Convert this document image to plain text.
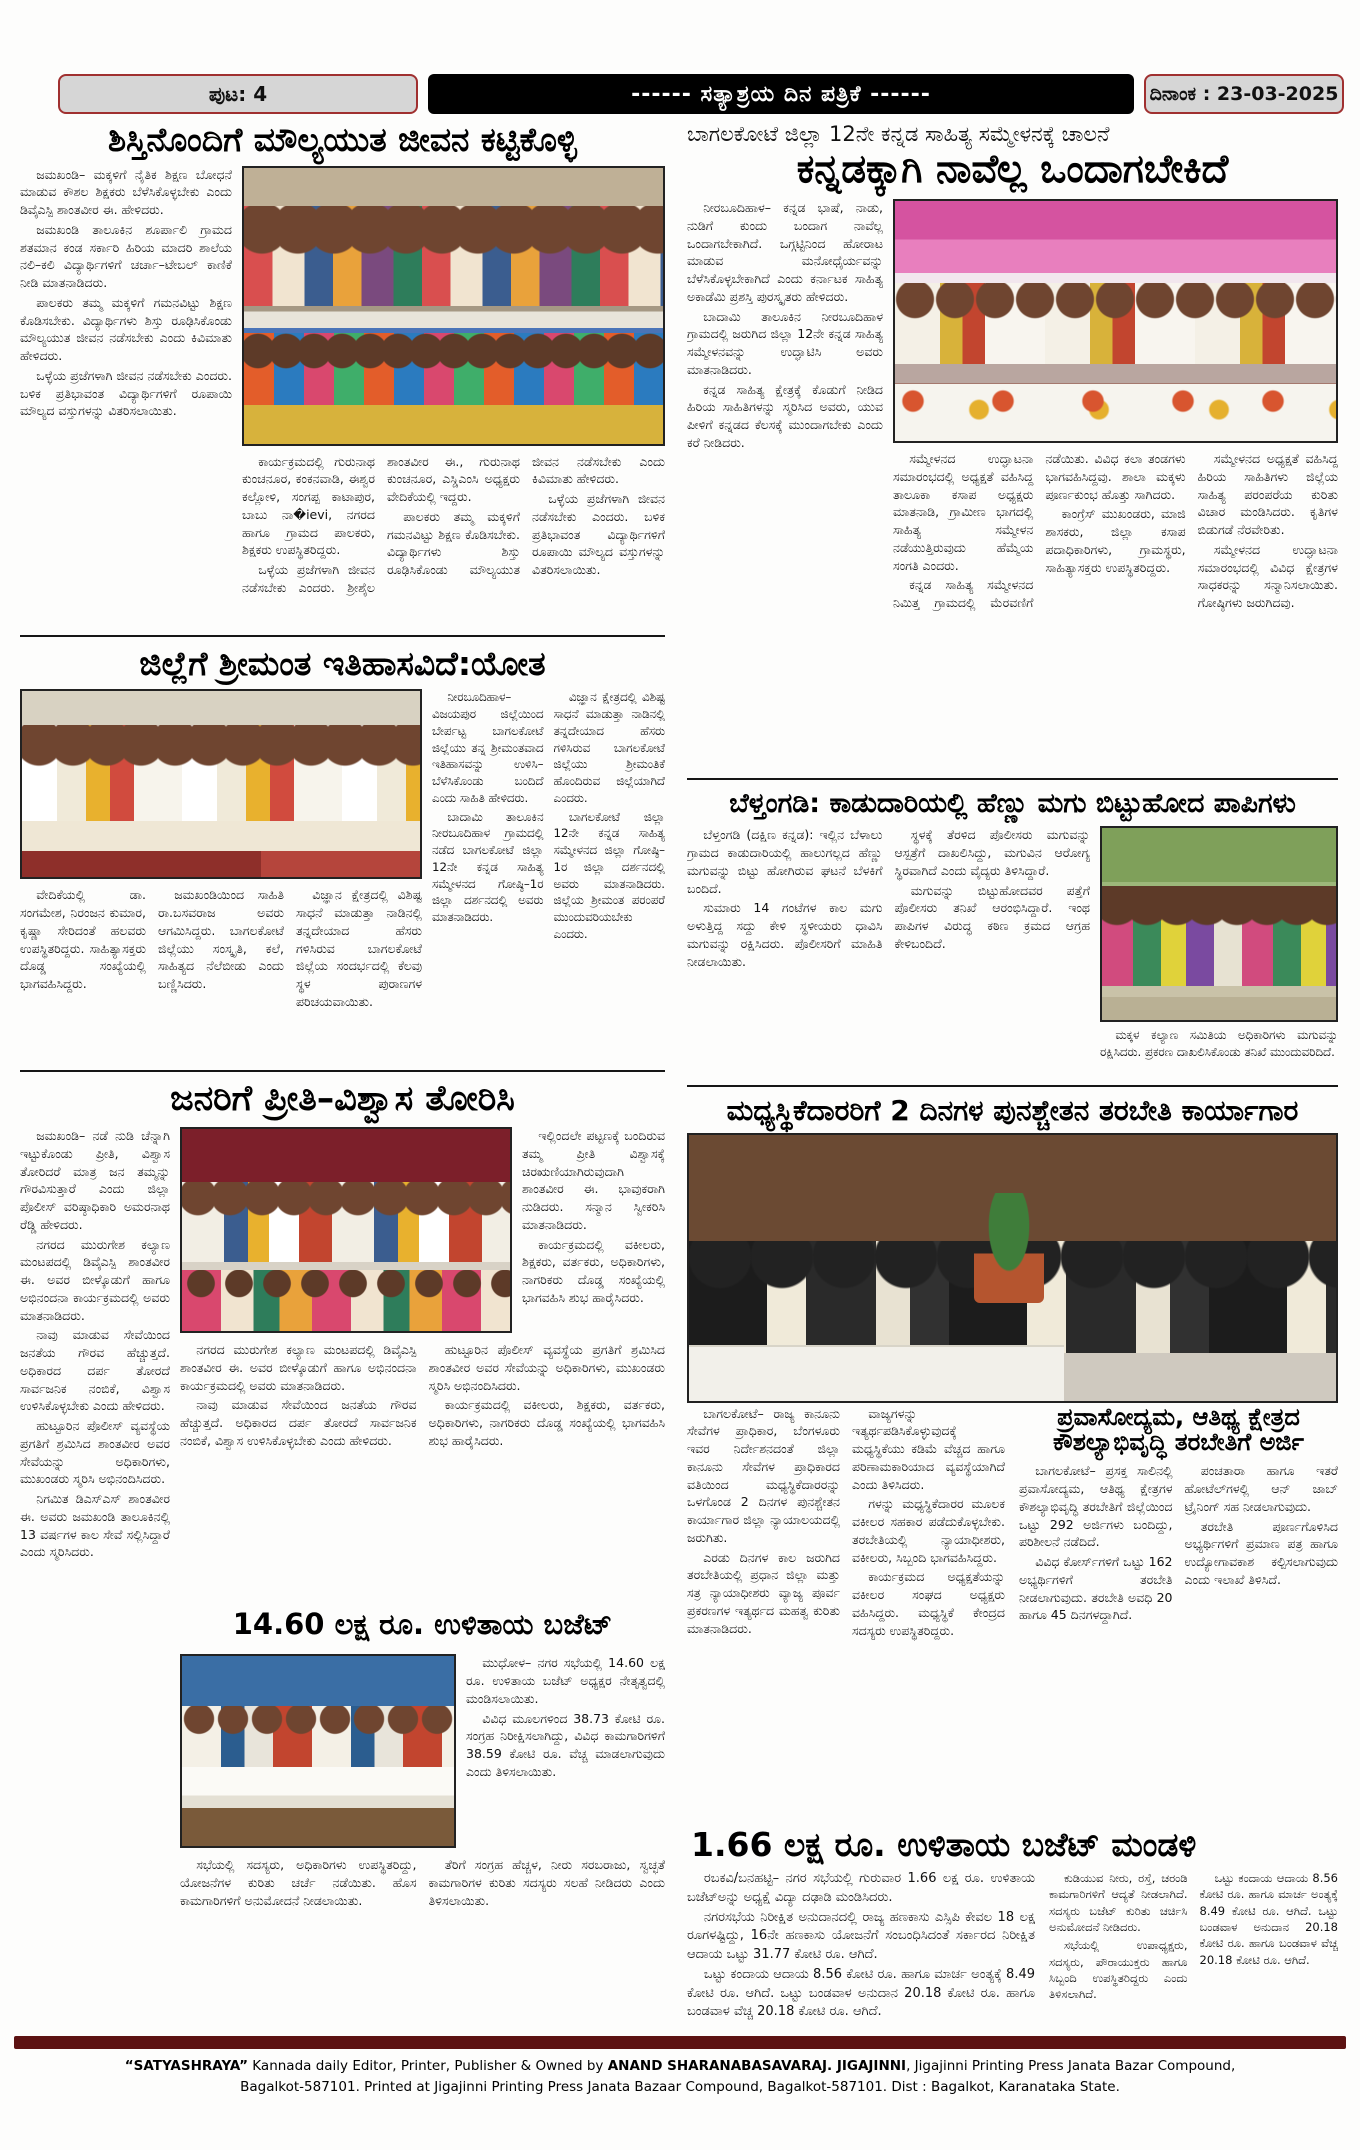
ಪುಟ: 4	------ ಸತ್ಯಾಶ್ರಯ ದಿನ ಪತ್ರಿಕೆ ------	ದಿನಾಂಕ : 23-03-2025
ಶಿಸ್ತಿನೊಂದಿಗೆ ಮೌಲ್ಯಯುತ ಜೀವನ ಕಟ್ಟಿಕೊಳ್ಳಿ

ಜಮಖಂಡಿ– ಮಕ್ಕಳಿಗೆ ನೈತಿಕ ಶಿಕ್ಷಣ ಬೋಧನೆ ಮಾಡುವ ಕೌಶಲ ಶಿಕ್ಷಕರು ಬೆಳೆಸಿಕೊಳ್ಳಬೇಕು ಎಂದು ಡಿವೈಎಸ್ಪಿ ಶಾಂತವೀರ ಈ. ಹೇಳಿದರು.

ಜಮಖಂಡಿ ತಾಲೂಕಿನ ಶೂರ್ಪಾಲಿ ಗ್ರಾಮದ ಶತಮಾನ ಕಂಡ ಸರ್ಕಾರಿ ಹಿರಿಯ ಮಾದರಿ ಶಾಲೆಯ ನಲಿ–ಕಲಿ ವಿದ್ಯಾರ್ಥಿಗಳಿಗೆ ಚರ್ಚಾ–ಟೇಬಲ್ ಕಾಣಿಕೆ ನೀಡಿ ಮಾತನಾಡಿದರು.

ಪಾಲಕರು ತಮ್ಮ ಮಕ್ಕಳಿಗೆ ಗಮನವಿಟ್ಟು ಶಿಕ್ಷಣ ಕೊಡಿಸಬೇಕು. ವಿದ್ಯಾರ್ಥಿಗಳು ಶಿಸ್ತು ರೂಢಿಸಿಕೊಂಡು ಮೌಲ್ಯಯುತ ಜೀವನ ನಡೆಸಬೇಕು ಎಂದು ಕಿವಿಮಾತು ಹೇಳಿದರು.

ಒಳ್ಳೆಯ ಪ್ರಜೆಗಳಾಗಿ ಜೀವನ ನಡೆಸಬೇಕು ಎಂದರು. ಬಳಿಕ ಪ್ರತಿಭಾವಂತ ವಿದ್ಯಾರ್ಥಿಗಳಿಗೆ ರೂಪಾಯಿ ಮೌಲ್ಯದ ವಸ್ತುಗಳನ್ನು ವಿತರಿಸಲಾಯಿತು.

ಕಾರ್ಯಕ್ರಮದಲ್ಲಿ ಗುರುನಾಥ ಕುಂಚನೂರ, ಕಂಕನವಾಡಿ, ಈಶ್ವರ ಕಲ್ಲೋಳಿ, ಸಂಗಪ್ಪ ಕಾಟಾಪುರ, ಬಾಬು ನಾ�ievi, ನಗರದ ಹಾಗೂ ಗ್ರಾಮದ ಪಾಲಕರು, ಶಿಕ್ಷಕರು ಉಪಸ್ಥಿತರಿದ್ದರು.

ಒಳ್ಳೆಯ ಪ್ರಜೆಗಳಾಗಿ ಜೀವನ ನಡೆಸಬೇಕು ಎಂದರು. ಶ್ರೀಶೈಲ ಶಾಂತವೀರ ಈ., ಗುರುನಾಥ ಕುಂಚನೂರ, ಎಸ್ಡಿಎಂಸಿ ಅಧ್ಯಕ್ಷರು ವೇದಿಕೆಯಲ್ಲಿ ಇದ್ದರು.

ಪಾಲಕರು ತಮ್ಮ ಮಕ್ಕಳಿಗೆ ಗಮನವಿಟ್ಟು ಶಿಕ್ಷಣ ಕೊಡಿಸಬೇಕು. ವಿದ್ಯಾರ್ಥಿಗಳು ಶಿಸ್ತು ರೂಢಿಸಿಕೊಂಡು ಮೌಲ್ಯಯುತ ಜೀವನ ನಡೆಸಬೇಕು ಎಂದು ಕಿವಿಮಾತು ಹೇಳಿದರು.

ಒಳ್ಳೆಯ ಪ್ರಜೆಗಳಾಗಿ ಜೀವನ ನಡೆಸಬೇಕು ಎಂದರು. ಬಳಿಕ ಪ್ರತಿಭಾವಂತ ವಿದ್ಯಾರ್ಥಿಗಳಿಗೆ ರೂಪಾಯಿ ಮೌಲ್ಯದ ವಸ್ತುಗಳನ್ನು ವಿತರಿಸಲಾಯಿತು.

ಜಿಲ್ಲೆಗೆ ಶ್ರೀಮಂತ ಇತಿಹಾಸವಿದೆ:ಯೋತ

ವೇದಿಕೆಯಲ್ಲಿ ಡಾ. ಸಂಗಮೇಶ, ನಿರಂಜನ ಕುಮಾರ, ಕೃಷ್ಣಾ ಸೇರಿದಂತೆ ಹಲವರು ಉಪಸ್ಥಿತರಿದ್ದರು. ಸಾಹಿತ್ಯಾಸಕ್ತರು ದೊಡ್ಡ ಸಂಖ್ಯೆಯಲ್ಲಿ ಭಾಗವಹಿಸಿದ್ದರು.

ಜಮಖಂಡಿಯಿಂದ ಸಾಹಿತಿ ರಾ.ಬಸವರಾಜ ಅವರು ಆಗಮಿಸಿದ್ದರು. ಬಾಗಲಕೋಟೆ ಜಿಲ್ಲೆಯು ಸಂಸ್ಕೃತಿ, ಕಲೆ, ಸಾಹಿತ್ಯದ ನೆಲೆಬೀಡು ಎಂದು ಬಣ್ಣಿಸಿದರು.

ವಿಜ್ಞಾನ ಕ್ಷೇತ್ರದಲ್ಲಿ ವಿಶಿಷ್ಟ ಸಾಧನೆ ಮಾಡುತ್ತಾ ನಾಡಿನಲ್ಲಿ ತನ್ನದೇಯಾದ ಹೆಸರು ಗಳಿಸಿರುವ ಬಾಗಲಕೋಟೆ ಜಿಲ್ಲೆಯ ಸಂದರ್ಭದಲ್ಲಿ ಕೆಲವು ಸ್ಥಳ ಪುರಾಣಗಳ ಪರಿಚಯವಾಯಿತು.

ನೀರಬೂದಿಹಾಳ– ವಿಜಯಪುರ ಜಿಲ್ಲೆಯಿಂದ ಬೇರ್ಪಟ್ಟ ಬಾಗಲಕೋಟೆ ಜಿಲ್ಲೆಯು ತನ್ನ ಶ್ರೀಮಂತವಾದ ಇತಿಹಾಸವನ್ನು ಉಳಿಸಿ–ಬೆಳೆಸಿಕೊಂಡು ಬಂದಿದೆ ಎಂದು ಸಾಹಿತಿ ಹೇಳಿದರು.

ಬಾದಾಮಿ ತಾಲೂಕಿನ ನೀರಬೂದಿಹಾಳ ಗ್ರಾಮದಲ್ಲಿ ನಡೆದ ಬಾಗಲಕೋಟೆ ಜಿಲ್ಲಾ 12ನೇ ಕನ್ನಡ ಸಾಹಿತ್ಯ ಸಮ್ಮೇಳನದ ಗೋಷ್ಠಿ–1ರ ಜಿಲ್ಲಾ ದರ್ಶನದಲ್ಲಿ ಅವರು ಮಾತನಾಡಿದರು.

ವಿಜ್ಞಾನ ಕ್ಷೇತ್ರದಲ್ಲಿ ವಿಶಿಷ್ಟ ಸಾಧನೆ ಮಾಡುತ್ತಾ ನಾಡಿನಲ್ಲಿ ತನ್ನದೇಯಾದ ಹೆಸರು ಗಳಿಸಿರುವ ಬಾಗಲಕೋಟೆ ಜಿಲ್ಲೆಯು ಶ್ರೀಮಂತಿಕೆ ಹೊಂದಿರುವ ಜಿಲ್ಲೆಯಾಗಿದೆ ಎಂದರು.

ಬಾಗಲಕೋಟೆ ಜಿಲ್ಲಾ 12ನೇ ಕನ್ನಡ ಸಾಹಿತ್ಯ ಸಮ್ಮೇಳನದ ಜಿಲ್ಲಾ ಗೋಷ್ಠಿ–1ರ ಜಿಲ್ಲಾ ದರ್ಶನದಲ್ಲಿ ಅವರು ಮಾತನಾಡಿದರು. ಜಿಲ್ಲೆಯ ಶ್ರೀಮಂತ ಪರಂಪರೆ ಮುಂದುವರಿಯಬೇಕು ಎಂದರು.

ಜನರಿಗೆ ಪ್ರೀತಿ–ವಿಶ್ವಾಸ ತೋರಿಸಿ

ಜಮಖಂಡಿ– ನಡೆ ನುಡಿ ಚೆನ್ನಾಗಿ ಇಟ್ಟುಕೊಂಡು ಪ್ರೀತಿ, ವಿಶ್ವಾಸ ತೋರಿದರೆ ಮಾತ್ರ ಜನ ತಮ್ಮನ್ನು ಗೌರವಿಸುತ್ತಾರೆ ಎಂದು ಜಿಲ್ಲಾ ಪೊಲೀಸ್ ವರಿಷ್ಠಾಧಿಕಾರಿ ಅಮರನಾಥ ರೆಡ್ಡಿ ಹೇಳಿದರು.

ನಗರದ ಮುರುಗೇಶ ಕಲ್ಯಾಣ ಮಂಟಪದಲ್ಲಿ ಡಿವೈಎಸ್ಪಿ ಶಾಂತವೀರ ಈ. ಅವರ ಬೀಳ್ಕೊಡುಗೆ ಹಾಗೂ ಅಭಿನಂದನಾ ಕಾರ್ಯಕ್ರಮದಲ್ಲಿ ಅವರು ಮಾತನಾಡಿದರು.

ನಾವು ಮಾಡುವ ಸೇವೆಯಿಂದ ಜನತೆಯ ಗೌರವ ಹೆಚ್ಚುತ್ತದೆ. ಅಧಿಕಾರದ ದರ್ಪ ತೋರದೆ ಸಾರ್ವಜನಿಕ ನಂಬಿಕೆ, ವಿಶ್ವಾಸ ಉಳಿಸಿಕೊಳ್ಳಬೇಕು ಎಂದು ಹೇಳಿದರು.

ಹುಟ್ಟೂರಿನ ಪೊಲೀಸ್ ವ್ಯವಸ್ಥೆಯ ಪ್ರಗತಿಗೆ ಶ್ರಮಿಸಿದ ಶಾಂತವೀರ ಅವರ ಸೇವೆಯನ್ನು ಅಧಿಕಾರಿಗಳು, ಮುಖಂಡರು ಸ್ಮರಿಸಿ ಅಭಿನಂದಿಸಿದರು.

ನಿಗಮಿತ ಡಿಎಸ್ಎಸ್ ಶಾಂತವೀರ ಈ. ಅವರು ಜಮಖಂಡಿ ತಾಲೂಕಿನಲ್ಲಿ 13 ವರ್ಷಗಳ ಕಾಲ ಸೇವೆ ಸಲ್ಲಿಸಿದ್ದಾರೆ ಎಂದು ಸ್ಮರಿಸಿದರು.

ಇಲ್ಲಿಂದಲೇ ಪಟ್ಟಣಕ್ಕೆ ಬಂದಿರುವ ತಮ್ಮ ಪ್ರೀತಿ ವಿಶ್ವಾಸಕ್ಕೆ ಚಿರಋಣಿಯಾಗಿರುವುದಾಗಿ ಶಾಂತವೀರ ಈ. ಭಾವುಕರಾಗಿ ನುಡಿದರು. ಸನ್ಮಾನ ಸ್ವೀಕರಿಸಿ ಮಾತನಾಡಿದರು.

ಕಾರ್ಯಕ್ರಮದಲ್ಲಿ ವಕೀಲರು, ಶಿಕ್ಷಕರು, ವರ್ತಕರು, ಅಧಿಕಾರಿಗಳು, ನಾಗರಿಕರು ದೊಡ್ಡ ಸಂಖ್ಯೆಯಲ್ಲಿ ಭಾಗವಹಿಸಿ ಶುಭ ಹಾರೈಸಿದರು.

ನಗರದ ಮುರುಗೇಶ ಕಲ್ಯಾಣ ಮಂಟಪದಲ್ಲಿ ಡಿವೈಎಸ್ಪಿ ಶಾಂತವೀರ ಈ. ಅವರ ಬೀಳ್ಕೊಡುಗೆ ಹಾಗೂ ಅಭಿನಂದನಾ ಕಾರ್ಯಕ್ರಮದಲ್ಲಿ ಅವರು ಮಾತನಾಡಿದರು.

ನಾವು ಮಾಡುವ ಸೇವೆಯಿಂದ ಜನತೆಯ ಗೌರವ ಹೆಚ್ಚುತ್ತದೆ. ಅಧಿಕಾರದ ದರ್ಪ ತೋರದೆ ಸಾರ್ವಜನಿಕ ನಂಬಿಕೆ, ವಿಶ್ವಾಸ ಉಳಿಸಿಕೊಳ್ಳಬೇಕು ಎಂದು ಹೇಳಿದರು.

ಹುಟ್ಟೂರಿನ ಪೊಲೀಸ್ ವ್ಯವಸ್ಥೆಯ ಪ್ರಗತಿಗೆ ಶ್ರಮಿಸಿದ ಶಾಂತವೀರ ಅವರ ಸೇವೆಯನ್ನು ಅಧಿಕಾರಿಗಳು, ಮುಖಂಡರು ಸ್ಮರಿಸಿ ಅಭಿನಂದಿಸಿದರು.

ಕಾರ್ಯಕ್ರಮದಲ್ಲಿ ವಕೀಲರು, ಶಿಕ್ಷಕರು, ವರ್ತಕರು, ಅಧಿಕಾರಿಗಳು, ನಾಗರಿಕರು ದೊಡ್ಡ ಸಂಖ್ಯೆಯಲ್ಲಿ ಭಾಗವಹಿಸಿ ಶುಭ ಹಾರೈಸಿದರು.

14.60 ಲಕ್ಷ ರೂ. ಉಳಿತಾಯ ಬಜೆಟ್

ಮುಧೋಳ– ನಗರ ಸಭೆಯಲ್ಲಿ 14.60 ಲಕ್ಷ ರೂ. ಉಳಿತಾಯ ಬಜೆಟ್ ಅಧ್ಯಕ್ಷರ ನೇತೃತ್ವದಲ್ಲಿ ಮಂಡಿಸಲಾಯಿತು.

ವಿವಿಧ ಮೂಲಗಳಿಂದ 38.73 ಕೋಟಿ ರೂ. ಸಂಗ್ರಹ ನಿರೀಕ್ಷಿಸಲಾಗಿದ್ದು, ವಿವಿಧ ಕಾಮಗಾರಿಗಳಿಗೆ 38.59 ಕೋಟಿ ರೂ. ವೆಚ್ಚ ಮಾಡಲಾಗುವುದು ಎಂದು ತಿಳಿಸಲಾಯಿತು.

ಸಭೆಯಲ್ಲಿ ಸದಸ್ಯರು, ಅಧಿಕಾರಿಗಳು ಉಪಸ್ಥಿತರಿದ್ದು, ಯೋಜನೆಗಳ ಕುರಿತು ಚರ್ಚೆ ನಡೆಯಿತು. ಹೊಸ ಕಾಮಗಾರಿಗಳಿಗೆ ಅನುಮೋದನೆ ನೀಡಲಾಯಿತು.

ತೆರಿಗೆ ಸಂಗ್ರಹ ಹೆಚ್ಚಳ, ನೀರು ಸರಬರಾಜು, ಸ್ವಚ್ಛತೆ ಕಾಮಗಾರಿಗಳ ಕುರಿತು ಸದಸ್ಯರು ಸಲಹೆ ನೀಡಿದರು ಎಂದು ತಿಳಿಸಲಾಯಿತು.

ಬಾಗಲಕೋಟೆ ಜಿಲ್ಲಾ 12ನೇ ಕನ್ನಡ ಸಾಹಿತ್ಯ ಸಮ್ಮೇಳನಕ್ಕೆ ಚಾಲನೆ
ಕನ್ನಡಕ್ಕಾಗಿ ನಾವೆಲ್ಲ ಒಂದಾಗಬೇಕಿದೆ

ನೀರಬೂದಿಹಾಳ– ಕನ್ನಡ ಭಾಷೆ, ನಾಡು, ನುಡಿಗೆ ಕುಂದು ಬಂದಾಗ ನಾವೆಲ್ಲ ಒಂದಾಗಬೇಕಾಗಿದೆ. ಒಗ್ಗಟ್ಟಿನಿಂದ ಹೋರಾಟ ಮಾಡುವ ಮನೋಧೈರ್ಯವನ್ನು ಬೆಳೆಸಿಕೊಳ್ಳಬೇಕಾಗಿದೆ ಎಂದು ಕರ್ನಾಟಕ ಸಾಹಿತ್ಯ ಅಕಾಡೆಮಿ ಪ್ರಶಸ್ತಿ ಪುರಸ್ಕೃತರು ಹೇಳಿದರು.

ಬಾದಾಮಿ ತಾಲೂಕಿನ ನೀರಬೂದಿಹಾಳ ಗ್ರಾಮದಲ್ಲಿ ಜರುಗಿದ ಜಿಲ್ಲಾ 12ನೇ ಕನ್ನಡ ಸಾಹಿತ್ಯ ಸಮ್ಮೇಳನವನ್ನು ಉದ್ಘಾಟಿಸಿ ಅವರು ಮಾತನಾಡಿದರು.

ಕನ್ನಡ ಸಾಹಿತ್ಯ ಕ್ಷೇತ್ರಕ್ಕೆ ಕೊಡುಗೆ ನೀಡಿದ ಹಿರಿಯ ಸಾಹಿತಿಗಳನ್ನು ಸ್ಮರಿಸಿದ ಅವರು, ಯುವ ಪೀಳಿಗೆ ಕನ್ನಡದ ಕೆಲಸಕ್ಕೆ ಮುಂದಾಗಬೇಕು ಎಂದು ಕರೆ ನೀಡಿದರು.

ಸಮ್ಮೇಳನದ ಉದ್ಘಾಟನಾ ಸಮಾರಂಭದಲ್ಲಿ ಅಧ್ಯಕ್ಷತೆ ವಹಿಸಿದ್ದ ತಾಲೂಕಾ ಕಸಾಪ ಅಧ್ಯಕ್ಷರು ಮಾತನಾಡಿ, ಗ್ರಾಮೀಣ ಭಾಗದಲ್ಲಿ ಸಾಹಿತ್ಯ ಸಮ್ಮೇಳನ ನಡೆಯುತ್ತಿರುವುದು ಹೆಮ್ಮೆಯ ಸಂಗತಿ ಎಂದರು.

ಕನ್ನಡ ಸಾಹಿತ್ಯ ಸಮ್ಮೇಳನದ ನಿಮಿತ್ತ ಗ್ರಾಮದಲ್ಲಿ ಮೆರವಣಿಗೆ ನಡೆಯಿತು. ವಿವಿಧ ಕಲಾ ತಂಡಗಳು ಭಾಗವಹಿಸಿದ್ದವು. ಶಾಲಾ ಮಕ್ಕಳು ಪೂರ್ಣಕುಂಭ ಹೊತ್ತು ಸಾಗಿದರು.

ಕಾಂಗ್ರೆಸ್ ಮುಖಂಡರು, ಮಾಜಿ ಶಾಸಕರು, ಜಿಲ್ಲಾ ಕಸಾಪ ಪದಾಧಿಕಾರಿಗಳು, ಗ್ರಾಮಸ್ಥರು, ಸಾಹಿತ್ಯಾಸಕ್ತರು ಉಪಸ್ಥಿತರಿದ್ದರು.

ಸಮ್ಮೇಳನದ ಅಧ್ಯಕ್ಷತೆ ವಹಿಸಿದ್ದ ಹಿರಿಯ ಸಾಹಿತಿಗಳು ಜಿಲ್ಲೆಯ ಸಾಹಿತ್ಯ ಪರಂಪರೆಯ ಕುರಿತು ವಿಚಾರ ಮಂಡಿಸಿದರು. ಕೃತಿಗಳ ಬಿಡುಗಡೆ ನೆರವೇರಿತು.

ಸಮ್ಮೇಳನದ ಉದ್ಘಾಟನಾ ಸಮಾರಂಭದಲ್ಲಿ ವಿವಿಧ ಕ್ಷೇತ್ರಗಳ ಸಾಧಕರನ್ನು ಸನ್ಮಾನಿಸಲಾಯಿತು. ಗೋಷ್ಠಿಗಳು ಜರುಗಿದವು.

ಬೆಳ್ತಂಗಡಿ: ಕಾಡುದಾರಿಯಲ್ಲಿ ಹೆಣ್ಣು ಮಗು ಬಿಟ್ಟುಹೋದ ಪಾಪಿಗಳು

ಬೆಳ್ತಂಗಡಿ (ದಕ್ಷಿಣ ಕನ್ನಡ): ಇಲ್ಲಿನ ಬೆಳಾಲು ಗ್ರಾಮದ ಕಾಡುದಾರಿಯಲ್ಲಿ ಹಾಲುಗಲ್ಲದ ಹೆಣ್ಣು ಮಗುವನ್ನು ಬಿಟ್ಟು ಹೋಗಿರುವ ಘಟನೆ ಬೆಳಕಿಗೆ ಬಂದಿದೆ.

ಸುಮಾರು 14 ಗಂಟೆಗಳ ಕಾಲ ಮಗು ಅಳುತ್ತಿದ್ದ ಸದ್ದು ಕೇಳಿ ಸ್ಥಳೀಯರು ಧಾವಿಸಿ ಮಗುವನ್ನು ರಕ್ಷಿಸಿದರು. ಪೊಲೀಸರಿಗೆ ಮಾಹಿತಿ ನೀಡಲಾಯಿತು.

ಸ್ಥಳಕ್ಕೆ ತೆರಳಿದ ಪೊಲೀಸರು ಮಗುವನ್ನು ಆಸ್ಪತ್ರೆಗೆ ದಾಖಲಿಸಿದ್ದು, ಮಗುವಿನ ಆರೋಗ್ಯ ಸ್ಥಿರವಾಗಿದೆ ಎಂದು ವೈದ್ಯರು ತಿಳಿಸಿದ್ದಾರೆ.

ಮಗುವನ್ನು ಬಿಟ್ಟುಹೋದವರ ಪತ್ತೆಗೆ ಪೊಲೀಸರು ತನಿಖೆ ಆರಂಭಿಸಿದ್ದಾರೆ. ಇಂಥ ಪಾಪಿಗಳ ವಿರುದ್ಧ ಕಠಿಣ ಕ್ರಮದ ಆಗ್ರಹ ಕೇಳಿಬಂದಿದೆ.

ಮಕ್ಕಳ ಕಲ್ಯಾಣ ಸಮಿತಿಯ ಅಧಿಕಾರಿಗಳು ಮಗುವನ್ನು ರಕ್ಷಿಸಿದರು. ಪ್ರಕರಣ ದಾಖಲಿಸಿಕೊಂಡು ತನಿಖೆ ಮುಂದುವರಿದಿದೆ.

ಮಧ್ಯಸ್ಥಿಕೆದಾರರಿಗೆ 2 ದಿನಗಳ ಪುನಶ್ಚೇತನ ತರಬೇತಿ ಕಾರ್ಯಾಗಾರ

ಬಾಗಲಕೋಟೆ– ರಾಜ್ಯ ಕಾನೂನು ಸೇವೆಗಳ ಪ್ರಾಧಿಕಾರ, ಬೆಂಗಳೂರು ಇವರ ನಿರ್ದೇಶನದಂತೆ ಜಿಲ್ಲಾ ಕಾನೂನು ಸೇವೆಗಳ ಪ್ರಾಧಿಕಾರದ ವತಿಯಿಂದ ಮಧ್ಯಸ್ಥಿಕೆದಾರರನ್ನು ಒಳಗೊಂಡ 2 ದಿನಗಳ ಪುನಶ್ಚೇತನ ಕಾರ್ಯಾಗಾರ ಜಿಲ್ಲಾ ನ್ಯಾಯಾಲಯದಲ್ಲಿ ಜರುಗಿತು.

ಎರಡು ದಿನಗಳ ಕಾಲ ಜರುಗಿದ ತರಬೇತಿಯಲ್ಲಿ ಪ್ರಧಾನ ಜಿಲ್ಲಾ ಮತ್ತು ಸತ್ರ ನ್ಯಾಯಾಧೀಶರು ವ್ಯಾಜ್ಯ ಪೂರ್ವ ಪ್ರಕರಣಗಳ ಇತ್ಯರ್ಥದ ಮಹತ್ವ ಕುರಿತು ಮಾತನಾಡಿದರು.

ವಾಜ್ಯಗಳನ್ನು ಇತ್ಯರ್ಥಪಡಿಸಿಕೊಳ್ಳುವುದಕ್ಕೆ ಮಧ್ಯಸ್ಥಿಕೆಯು ಕಡಿಮೆ ವೆಚ್ಚದ ಹಾಗೂ ಪರಿಣಾಮಕಾರಿಯಾದ ವ್ಯವಸ್ಥೆಯಾಗಿದೆ ಎಂದು ತಿಳಿಸಿದರು.

ಗಳನ್ನು ಮಧ್ಯಸ್ಥಿಕೆದಾರರ ಮೂಲಕ ವಕೀಲರ ಸಹಕಾರ ಪಡೆದುಕೊಳ್ಳಬೇಕು. ತರಬೇತಿಯಲ್ಲಿ ನ್ಯಾಯಾಧೀಶರು, ವಕೀಲರು, ಸಿಬ್ಬಂದಿ ಭಾಗವಹಿಸಿದ್ದರು.

ಕಾರ್ಯಕ್ರಮದ ಅಧ್ಯಕ್ಷತೆಯನ್ನು ವಕೀಲರ ಸಂಘದ ಅಧ್ಯಕ್ಷರು ವಹಿಸಿದ್ದರು. ಮಧ್ಯಸ್ಥಿಕೆ ಕೇಂದ್ರದ ಸದಸ್ಯರು ಉಪಸ್ಥಿತರಿದ್ದರು.

ಪ್ರವಾಸೋದ್ಯಮ, ಆತಿಥ್ಯ ಕ್ಷೇತ್ರದ ಕೌಶಲ್ಯಾಭಿವೃದ್ಧಿ ತರಬೇತಿಗೆ ಅರ್ಜಿ

ಬಾಗಲಕೋಟೆ– ಪ್ರಸಕ್ತ ಸಾಲಿನಲ್ಲಿ ಪ್ರವಾಸೋದ್ಯಮ, ಆತಿಥ್ಯ ಕ್ಷೇತ್ರಗಳ ಕೌಶಲ್ಯಾಭಿವೃದ್ಧಿ ತರಬೇತಿಗೆ ಜಿಲ್ಲೆಯಿಂದ ಒಟ್ಟು 292 ಅರ್ಜಿಗಳು ಬಂದಿದ್ದು, ಪರಿಶೀಲನೆ ನಡೆದಿದೆ.

ವಿವಿಧ ಕೋರ್ಸ್‌ಗಳಿಗೆ ಒಟ್ಟು 162 ಅಭ್ಯರ್ಥಿಗಳಿಗೆ ತರಬೇತಿ ನೀಡಲಾಗುವುದು. ತರಬೇತಿ ಅವಧಿ 20 ಹಾಗೂ 45 ದಿನಗಳದ್ದಾಗಿದೆ.

ಪಂಚತಾರಾ ಹಾಗೂ ಇತರೆ ಹೋಟೆಲ್‌ಗಳಲ್ಲಿ ಆನ್ ಜಾಬ್ ಟ್ರೈನಿಂಗ್ ಸಹ ನೀಡಲಾಗುವುದು.

ತರಬೇತಿ ಪೂರ್ಣಗೊಳಿಸಿದ ಅಭ್ಯರ್ಥಿಗಳಿಗೆ ಪ್ರಮಾಣ ಪತ್ರ ಹಾಗೂ ಉದ್ಯೋಗಾವಕಾಶ ಕಲ್ಪಿಸಲಾಗುವುದು ಎಂದು ಇಲಾಖೆ ತಿಳಿಸಿದೆ.

1.66 ಲಕ್ಷ ರೂ. ಉಳಿತಾಯ ಬಜೆಟ್ ಮಂಡಳಿ

ರಬಕವಿ/ಬನಹಟ್ಟಿ– ನಗರ ಸಭೆಯಲ್ಲಿ ಗುರುವಾರ 1.66 ಲಕ್ಷ ರೂ. ಉಳಿತಾಯ ಬಜೆಟ್‌ಅನ್ನು ಅಧ್ಯಕ್ಷೆ ವಿದ್ಯಾ ದಢಾಡಿ ಮಂಡಿಸಿದರು.

ನಗರಸಭೆಯ ನಿರೀಕ್ಷಿತ ಅನುದಾನದಲ್ಲಿ ರಾಜ್ಯ ಹಣಕಾಸು ಎಸ್ಸಿಪಿ ಕೇವಲ 18 ಲಕ್ಷ ರೂಗಳಷ್ಟಿದ್ದು, 16ನೇ ಹಣಕಾಸು ಯೋಜನೆಗೆ ಸಂಬಂಧಿಸಿದಂತೆ ಸರ್ಕಾರದ ನಿರೀಕ್ಷಿತ ಆದಾಯ ಒಟ್ಟು 31.77 ಕೋಟಿ ರೂ. ಆಗಿದೆ.

ಒಟ್ಟು ಕಂದಾಯ ಆದಾಯ 8.56 ಕೋಟಿ ರೂ. ಹಾಗೂ ಮಾರ್ಚ ಅಂತ್ಯಕ್ಕೆ 8.49 ಕೋಟಿ ರೂ. ಆಗಿದೆ. ಒಟ್ಟು ಬಂಡವಾಳ ಅನುದಾನ 20.18 ಕೋಟಿ ರೂ. ಹಾಗೂ ಬಂಡವಾಳ ವೆಚ್ಚ 20.18 ಕೋಟಿ ರೂ. ಆಗಿದೆ.

ಕುಡಿಯುವ ನೀರು, ರಸ್ತೆ, ಚರಂಡಿ ಕಾಮಗಾರಿಗಳಿಗೆ ಆದ್ಯತೆ ನೀಡಲಾಗಿದೆ. ಸದಸ್ಯರು ಬಜೆಟ್ ಕುರಿತು ಚರ್ಚಿಸಿ ಅನುಮೋದನೆ ನೀಡಿದರು.

ಸಭೆಯಲ್ಲಿ ಉಪಾಧ್ಯಕ್ಷರು, ಸದಸ್ಯರು, ಪೌರಾಯುಕ್ತರು ಹಾಗೂ ಸಿಬ್ಬಂದಿ ಉಪಸ್ಥಿತರಿದ್ದರು ಎಂದು ತಿಳಿಸಲಾಗಿದೆ.

ಒಟ್ಟು ಕಂದಾಯ ಆದಾಯ 8.56 ಕೋಟಿ ರೂ. ಹಾಗೂ ಮಾರ್ಚ ಅಂತ್ಯಕ್ಕೆ 8.49 ಕೋಟಿ ರೂ. ಆಗಿದೆ. ಒಟ್ಟು ಬಂಡವಾಳ ಅನುದಾನ 20.18 ಕೋಟಿ ರೂ. ಹಾಗೂ ಬಂಡವಾಳ ವೆಚ್ಚ 20.18 ಕೋಟಿ ರೂ. ಆಗಿದೆ.

“SATYASHRAYA” Kannada daily Editor, Printer, Publisher & Owned by ANAND SHARANABASAVARAJ. JIGAJINNI, Jigajinni Printing Press Janata Bazar Compound,
Bagalkot-587101. Printed at Jigajinni Printing Press Janata Bazaar Compound, Bagalkot-587101. Dist : Bagalkot, Karanataka State.
